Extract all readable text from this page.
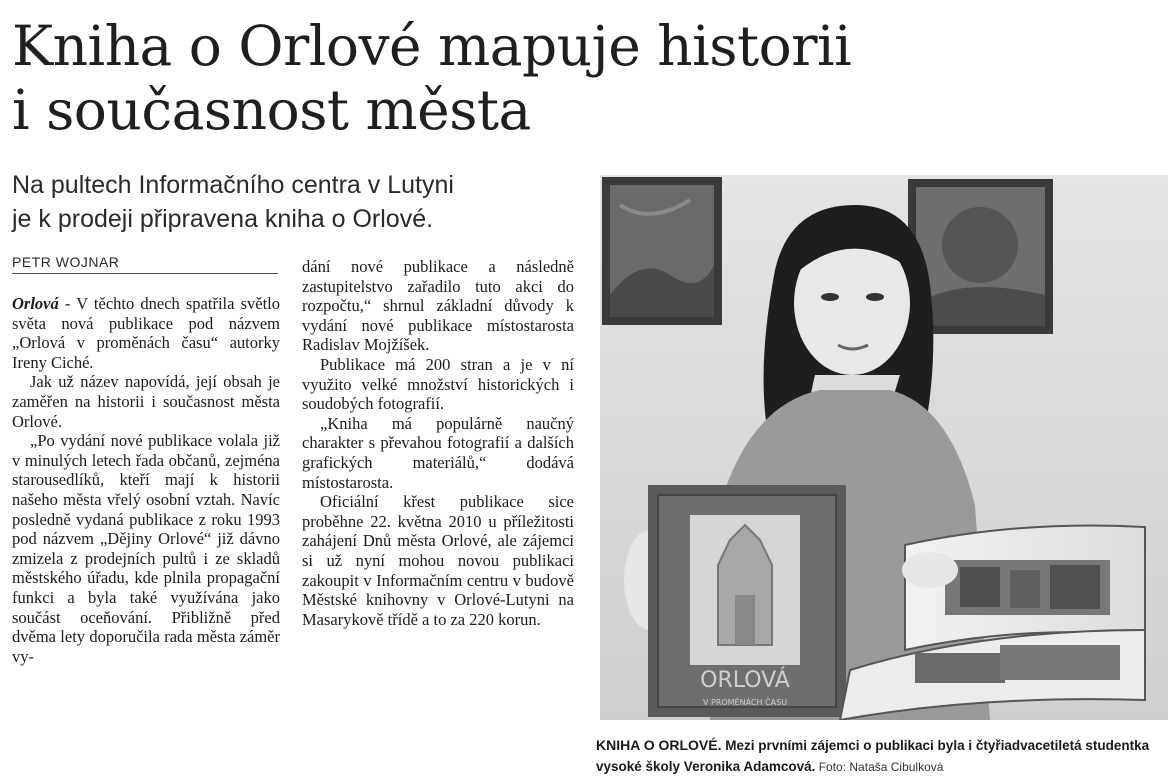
Kniha o Orlové mapuje historii
i současnost města
Na pultech Informačního centra v Lutyni
je k prodeji připravena kniha o Orlové.
PETR WOJNAR

Orlová - V těchto dnech spatřila světlo světa nová publikace pod názvem „Orlová v proměnách času“ autorky Ireny Ciché.

Jak už název napovídá, její obsah je zaměřen na historii i současnost města Orlové.

„Po vydání nové publikace volala již v minulých letech řada občanů, zejména starousedlíků, kteří mají k historii našeho města vřelý osobní vztah. Navíc posledně vydaná publikace z roku 1993 pod názvem „Dějiny Orlové“ již dávno zmizela z prodejních pultů i ze skladů městského úřadu, kde plnila propagační funkci a byla také využívána jako součást oceňování. Přibližně před dvěma lety doporučila rada města záměr vy-

dání nové publikace a následně zastupitelstvo zařadilo tuto akci do rozpočtu,“ shrnul základní důvody k vydání nové publikace místostarosta Radislav Mojžíšek.

Publikace má 200 stran a je v ní využito velké množství historických i soudobých fotografií.

„Kniha má populárně naučný charakter s převahou fotografií a dalších grafických materiálů,“ dodává místostarosta.

Oficiální křest publikace sice proběhne 22. května 2010 u příležitosti zahájení Dnů města Orlové, ale zájemci si už nyní mohou novou publikaci zakoupit v Informačním centru v budově Městské knihovny v Orlové-Lutyni na Masarykově třídě a to za 220 korun.

ORLOVÁ
V PROMĚNÁCH ČASU
KNIHA O ORLOVÉ. Mezi prvními zájemci o publikaci byla i čtyřiadvacetiletá studentka vysoké školy Veronika Adamcová. Foto: Nataša Cibulková
